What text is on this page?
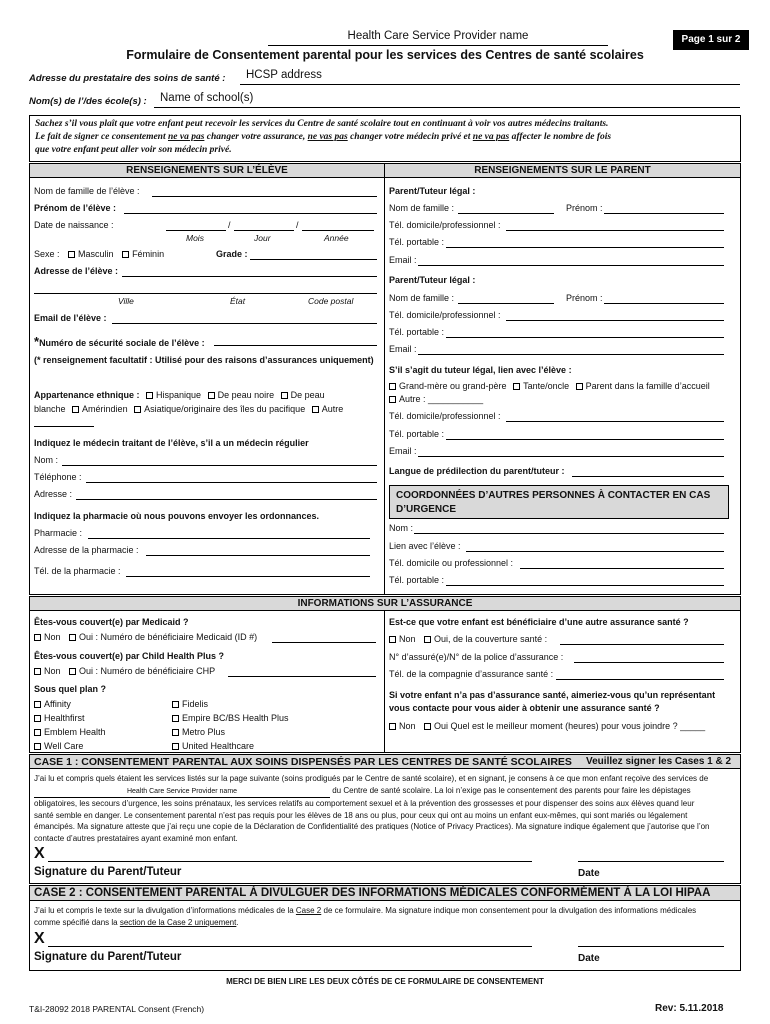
Health Care Service Provider name	Page 1 sur 2
Formulaire de Consentement parental pour les services des Centres de santé scolaires
Adresse du prestataire des soins de santé : HCSP address
Nom(s) de l’/des école(s) : Name of school(s)
Sachez s’il vous plaît que votre enfant peut recevoir les services du Centre de santé scolaire tout en continuant à voir vos autres médecins traitants.
Le fait de signer ce consentement ne va pas changer votre assurance, ne vas pas changer votre médecin privé et ne va pas affecter le nombre de fois
que votre enfant peut aller voir son médecin privé.
RENSEIGNEMENTS SUR L’ÉLÈVE	RENSEIGNEMENTS SUR LE PARENT
Nom de famille de l’élève :
Prénom de l’élève :
Date de naissance :	/	/
Mois	Jour	Année
Sexe : Masculin Féminin	Grade :
Adresse de l’élève :
Ville	État	Code postal
Email de l’élève :
*Numéro de sécurité sociale de l’élève :
(* renseignement facultatif : Utilisé pour des raisons d’assurances uniquement)
Appartenance ethnique : Hispanique De peau noire De peau
blanche Amérindien Asiatique/originaire des îles du pacifique Autre
Indiquez le médecin traitant de l’élève, s’il a un médecin régulier
Nom :
Téléphone :
Adresse :
Indiquez la pharmacie où nous pouvons envoyer les ordonnances.
Pharmacie :
Adresse de la pharmacie :
Tél. de la pharmacie :
Parent/Tuteur légal :
Nom de famille :	Prénom :
Tél. domicile/professionnel :
Tél. portable :
Email :
Parent/Tuteur légal :
Nom de famille :	Prénom :
Tél. domicile/professionnel :
Tél. portable :
Email :
S’il s’agit du tuteur légal, lien avec l’élève :
Grand-mère ou grand-père Tante/oncle Parent dans la famille d’accueil
Autre : ___________
Tél. domicile/professionnel :
Tél. portable :
Email :
Langue de prédilection du parent/tuteur :
COORDONNÉES D’AUTRES PERSONNES À CONTACTER EN CAS D’URGENCE
Nom :
Lien avec l’élève :
Tél. domicile ou professionnel :
Tél. portable :
INFORMATIONS SUR L’ASSURANCE
Êtes-vous couvert(e) par Medicaid ?
Non Oui : Numéro de bénéficiaire Medicaid (ID #)
Êtes-vous couvert(e) par Child Health Plus ?
Non Oui : Numéro de bénéficiaire CHP
Sous quel plan ?
Affinity
Healthfirst
Emblem Health
Well Care
Fidelis
Empire BC/BS Health Plus
Metro Plus
United Healthcare
Est-ce que votre enfant est bénéficiaire d’une autre assurance santé ?
Non Oui, de la couverture santé :
N° d’assuré(e)/N° de la police d’assurance :
Tél. de la compagnie d’assurance santé :
Si votre enfant n’a pas d’assurance santé, aimeriez-vous qu’un représentant vous contacte pour vous aider à obtenir une assurance santé ?
Non Oui Quel est le meilleur moment (heures) pour vous joindre ? _____
CASE 1 : CONSENTEMENT PARENTAL AUX SOINS DISPENSÉS PAR LES CENTRES DE SANTÉ SCOLAIRES Veuillez signer les Cases 1 & 2
J’ai lu et compris quels étaient les services listés sur la page suivante (soins prodigués par le Centre de santé scolaire), et en signant, je consens à ce que mon enfant reçoive des services de
Health Care Service Provider name	du Centre de santé scolaire. La loi n’exige pas le consentement des parents pour faire les dépistages
obligatoires, les secours d’urgence, les soins prénataux, les services relatifs au comportement sexuel et à la prévention des grossesses et pour dispenser des soins aux élèves quand leur
santé semble en danger. Le consentement parental n’est pas requis pour les élèves de 18 ans ou plus, pour ceux qui ont au moins un enfant eux-mêmes, qui sont mariés ou légalement
émancipés. Ma signature atteste que j’ai reçu une copie de la Déclaration de Confidentialité des pratiques (Notice of Privacy Practices). Ma signature indique également que j’autorise que l’on
contacte d’autres prestataires ayant examiné mon enfant.
X
Signature du Parent/Tuteur	Date
CASE 2 : CONSENTEMENT PARENTAL À DIVULGUER DES INFORMATIONS MÉDICALES CONFORMÉMENT À LA LOI HIPAA
J’ai lu et compris le texte sur la divulgation d’informations médicales de la Case 2 de ce formulaire. Ma signature indique mon consentement pour la divulgation des informations médicales
comme spécifié dans la section de la Case 2 uniquement.
X
Signature du Parent/Tuteur	Date
MERCI DE BIEN LIRE LES DEUX CÔTÉS DE CE FORMULAIRE DE CONSENTEMENT
T&I-28092 2018 PARENTAL Consent (French)	Rev: 5.11.2018
